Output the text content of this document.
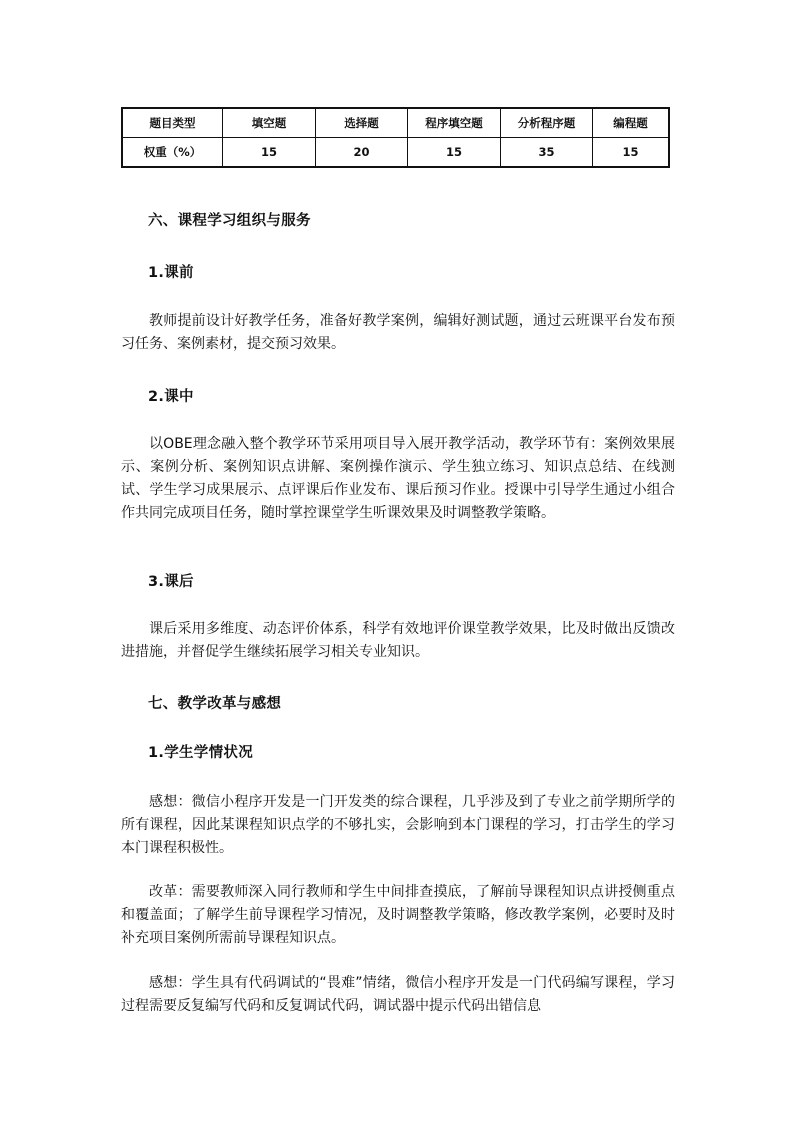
题目类型	填空题	选择题	程序填空题	分析程序题	编程题
权重（%）	15	20	15	35	15
六、课程学习组织与服务
1.课前
教师提前设计好教学任务，准备好教学案例，编辑好测试题，通过云班课平台发布预习任务、案例素材，提交预习效果。
2.课中
以OBE理念融入整个教学环节采用项目导入展开教学活动，教学环节有：案例效果展示、案例分析、案例知识点讲解、案例操作演示、学生独立练习、知识点总结、在线测试、学生学习成果展示、点评课后作业发布、课后预习作业。授课中引导学生通过小组合作共同完成项目任务，随时掌控课堂学生听课效果及时调整教学策略。
3.课后
课后采用多维度、动态评价体系，科学有效地评价课堂教学效果，比及时做出反馈改进措施，并督促学生继续拓展学习相关专业知识。
七、教学改革与感想
1.学生学情状况
感想：微信小程序开发是一门开发类的综合课程，几乎涉及到了专业之前学期所学的所有课程，因此某课程知识点学的不够扎实，会影响到本门课程的学习，打击学生的学习本门课程积极性。
改革：需要教师深入同行教师和学生中间排查摸底，了解前导课程知识点讲授侧重点和覆盖面；了解学生前导课程学习情况，及时调整教学策略，修改教学案例，必要时及时补充项目案例所需前导课程知识点。
感想：学生具有代码调试的“畏难”情绪，微信小程序开发是一门代码编写课程，学习过程需要反复编写代码和反复调试代码，调试器中提示代码出错信息
